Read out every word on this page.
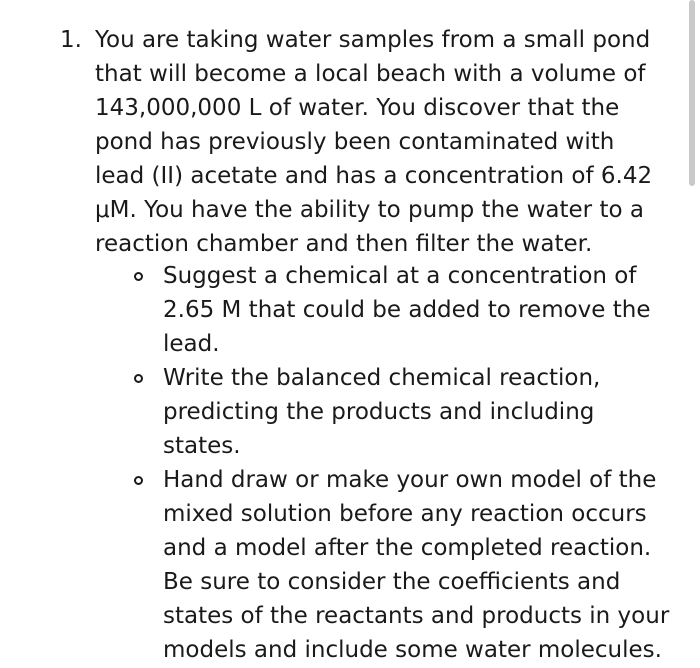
1. You are taking water samples from a small pond
that will become a local beach with a volume of
143,000,000 L of water. You discover that the
pond has previously been contaminated with
lead (II) acetate and has a concentration of 6.42
μM. You have the ability to pump the water to a
reaction chamber and then filter the water.

Suggest a chemical at a concentration of
2.65 M that could be added to remove the
lead.
Write the balanced chemical reaction,
predicting the products and including
states.
Hand draw or make your own model of the
mixed solution before any reaction occurs
and a model after the completed reaction.
Be sure to consider the coefficients and
states of the reactants and products in your
models and include some water molecules.
